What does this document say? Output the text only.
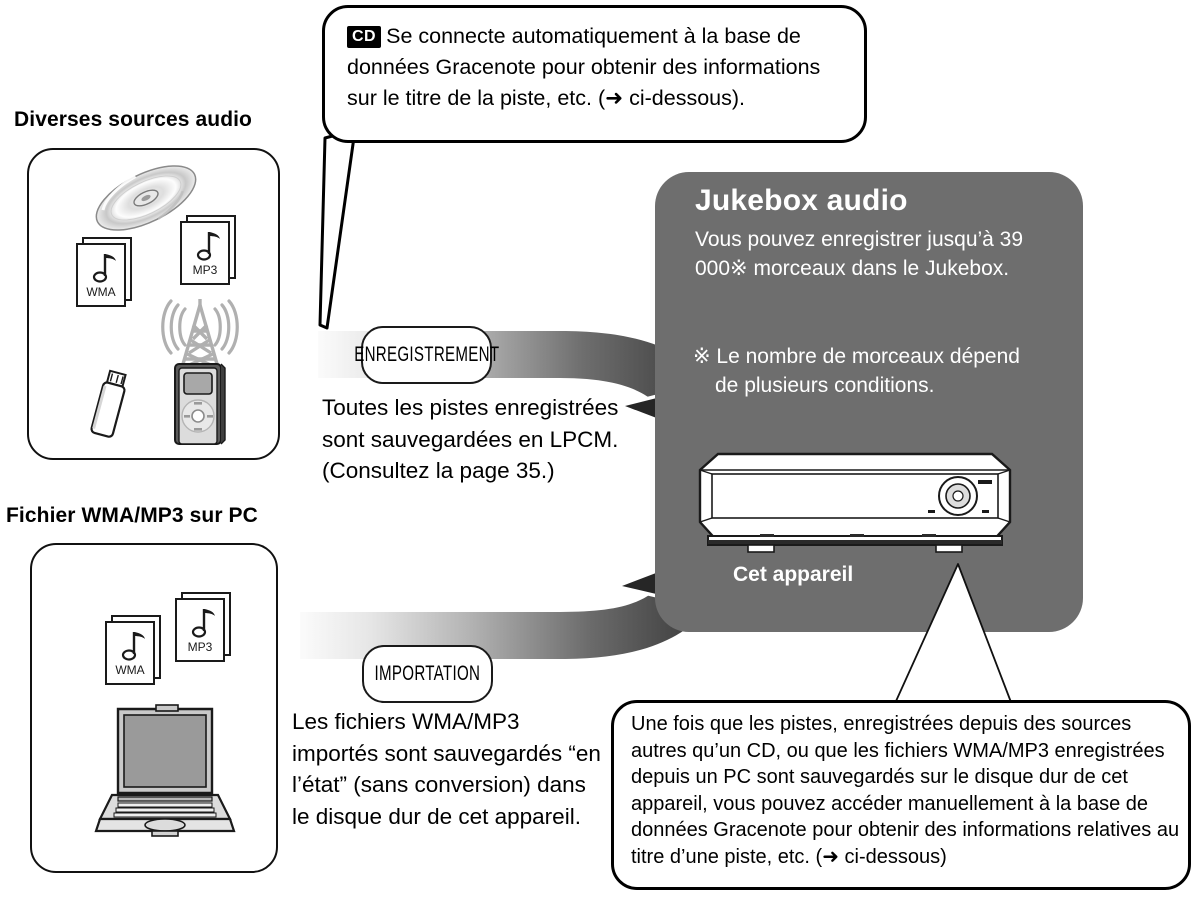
Jukebox audio
Vous pouvez enregistrer jusqu’à 39 000※ morceaux dans le Jukebox.
※ Le nombre de morceaux dépend de plusieurs conditions.
Cet appareil
Diverses sources audio
MP3
WMA
Fichier WMA/MP3 sur PC
MP3
WMA
CD Se connecte automatiquement à la base de données Gracenote pour obtenir des informations sur le titre de la piste, etc. (➜ ci-dessous).
ENREGISTREMENT
Toutes les pistes enregistrées sont sauvegardées en LPCM. (Consultez la page 35.)
IMPORTATION
Les fichiers WMA/MP3 importés sont sauvegardés “en l’état” (sans conversion) dans le disque dur de cet appareil.
Une fois que les pistes, enregistrées depuis des sources autres qu’un CD, ou que les fichiers WMA/MP3 enregistrées depuis un PC sont sauvegardés sur le disque dur de cet appareil, vous pouvez accéder manuellement à la base de données Gracenote pour obtenir des informations relatives au titre d’une piste, etc. (➜ ci-dessous)
